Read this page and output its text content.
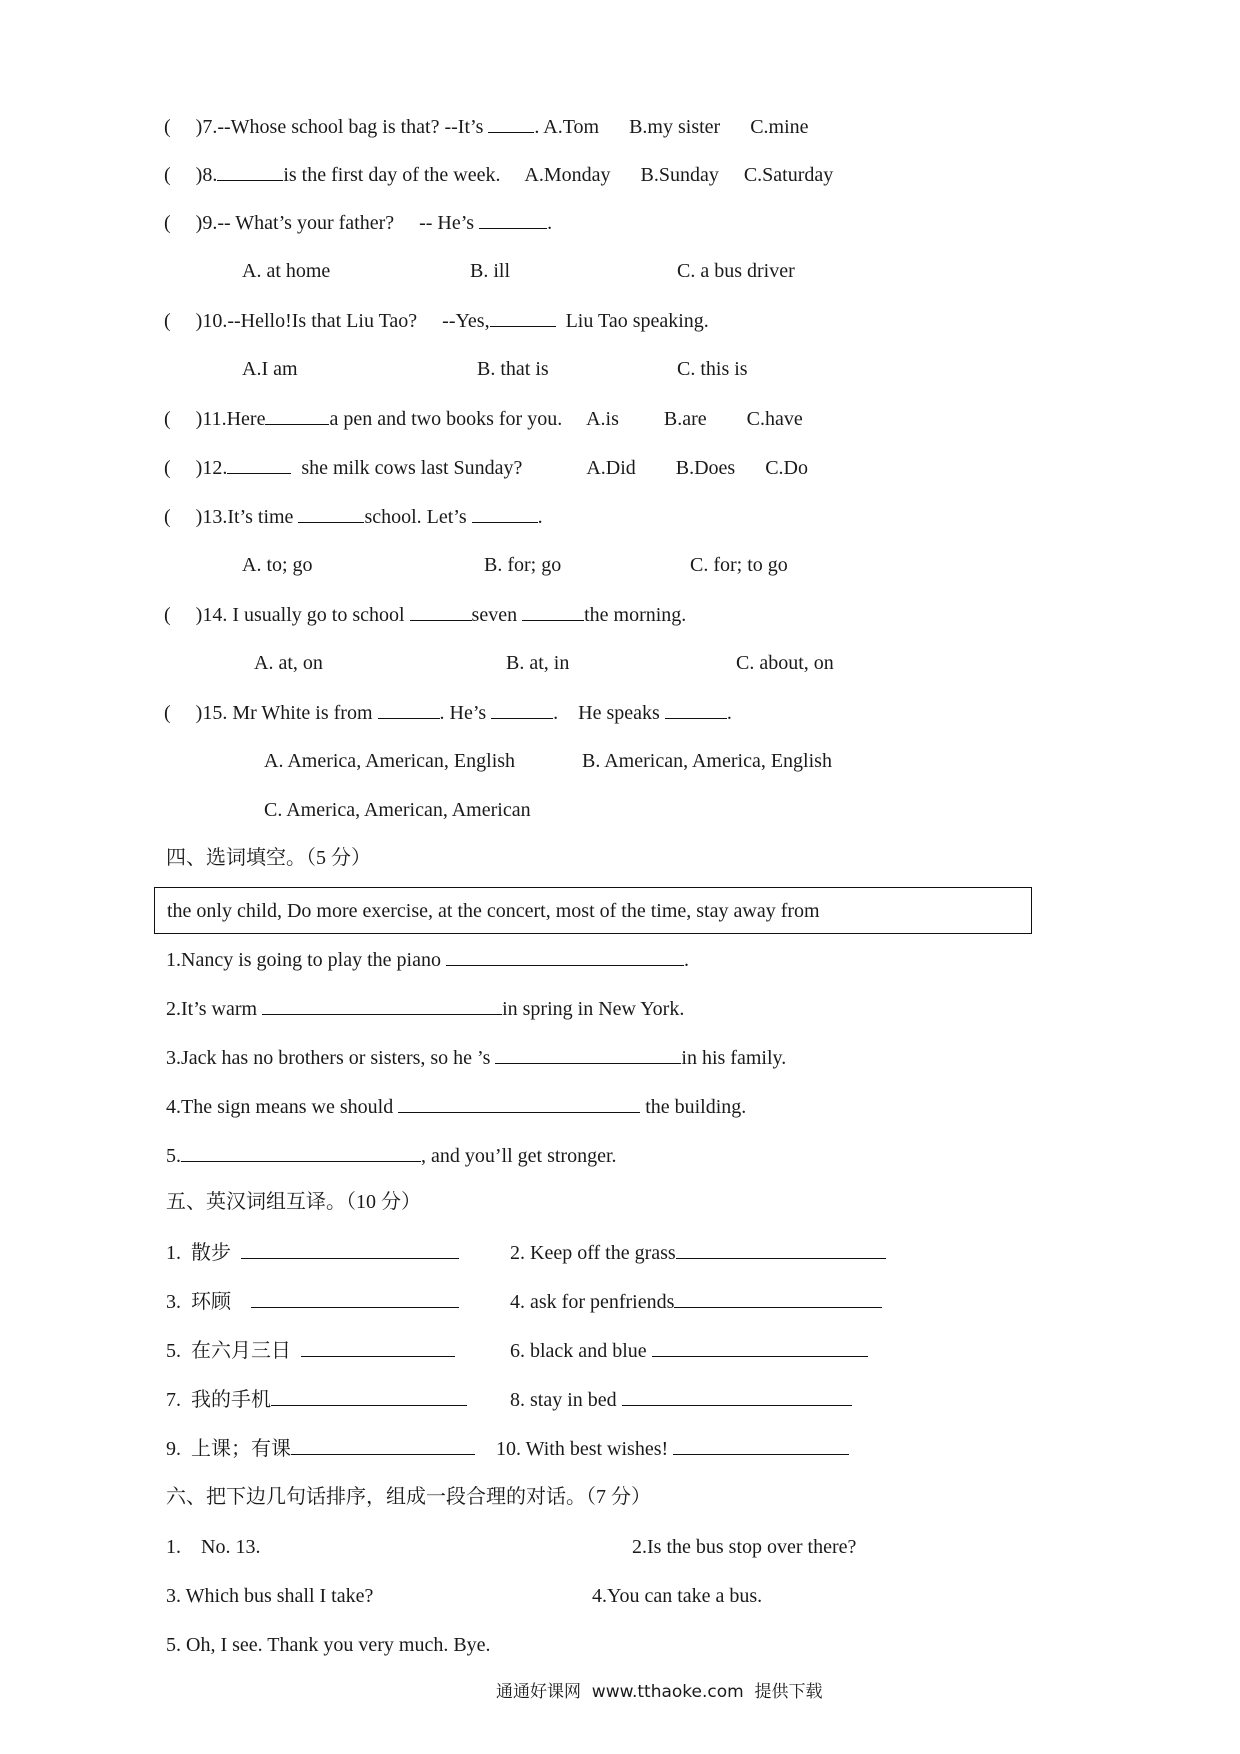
( )7.--Whose school bag is that? --It’s . A.Tom      B.my sister      C.mine
( )8.	is the first day of the week.     A.Monday      B.Sunday     C.Saturday
( )9.-- What’s your father?     -- He’s	.
A. at home	B. ill	C. a bus driver
( )10.--Hello!Is that Liu Tao?     --Yes,	Liu Tao speaking.
A.I am	B. that is	C. this is
( )11.Here	a pen and two books for you.     A.is         B.are        C.have
( )12.	she milk cows last Sunday?             A.Did        B.Does      C.Do
( )13.It’s time	school. Let’s	.
A. to; go	B. for; go	C. for; to go
( )14. I usually go to school	seven	the morning.
A. at, on	B. at, in	C. about, on
( )15. Mr White is from	. He’s	.    He speaks	.
A. America, American, English	B. American, America, English
C. America, American, American
四、选词填空。（5 分）
the only child, Do more exercise, at the concert, most of the time, stay away from
1.Nancy is going to play the piano	.
2.It’s warm	in spring in New York.
3.Jack has no brothers or sisters, so he ’s	in his family.
4.The sign means we should	the building.
5.	, and you’ll get stronger.
五、英汉词组互译。（10 分）
1.  散步	2. Keep off the grass
3.  环顾	4. ask for penfriends
5.  在六月三日	6. black and blue
7.  我的手机	8. stay in bed
9.  上课；有课	10. With best wishes!
六、把下边几句话排序，组成一段合理的对话。（7 分）
1.    No. 13.	2.Is the bus stop over there?
3. Which bus shall I take?	4.You can take a bus.
5. Oh, I see. Thank you very much. Bye.
通通好课网  www.tthaoke.com  提供下载
